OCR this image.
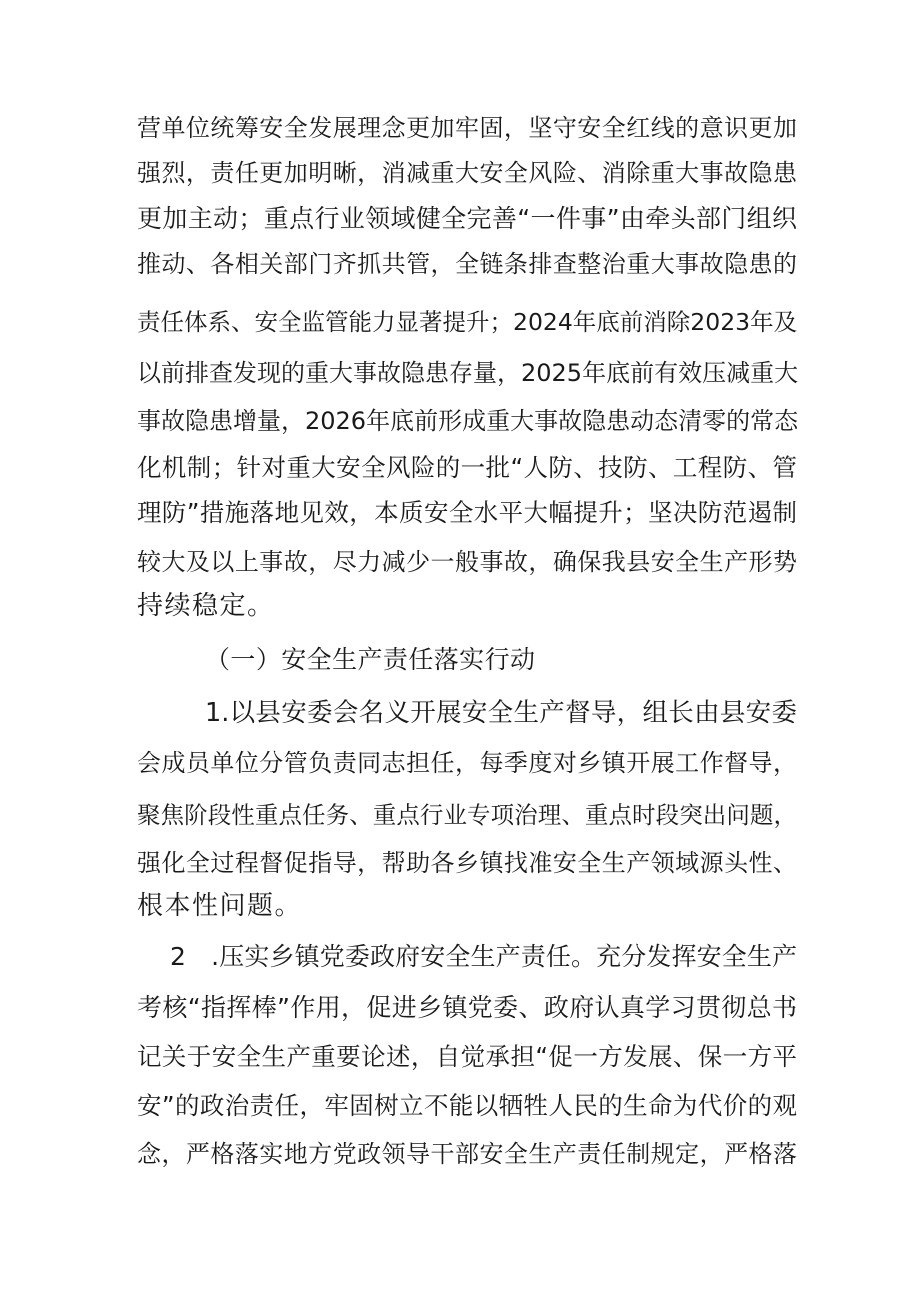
营单位统筹安全发展理念更加牢固，坚守安全红线的意识更加
强烈，责任更加明晰，消减重大安全风险、消除重大事故隐患
更加主动；重点行业领域健全完善“一件事”由牵头部门组织
推动、各相关部门齐抓共管，全链条排查整治重大事故隐患的
责任体系、安全监管能力显著提升；2024年底前消除2023年及
以前排查发现的重大事故隐患存量，2025年底前有效压减重大
事故隐患增量，2026年底前形成重大事故隐患动态清零的常态
化机制；针对重大安全风险的一批“人防、技防、工程防、管
理防”措施落地见效，本质安全水平大幅提升；坚决防范遏制
较大及以上事故，尽力减少一般事故，确保我县安全生产形势
持续稳定。
（一）安全生产责任落实行动
1.以县安委会名义开展安全生产督导，组长由县安委
会成员单位分管负责同志担任，每季度对乡镇开展工作督导，
聚焦阶段性重点任务、重点行业专项治理、重点时段突出问题，
强化全过程督促指导，帮助各乡镇找准安全生产领域源头性、
根本性问题。
2　.压实乡镇党委政府安全生产责任。充分发挥安全生产
考核“指挥棒”作用，促进乡镇党委、政府认真学习贯彻总书
记关于安全生产重要论述，自觉承担“促一方发展、保一方平
安”的政治责任，牢固树立不能以牺牲人民的生命为代价的观
念，严格落实地方党政领导干部安全生产责任制规定，严格落
